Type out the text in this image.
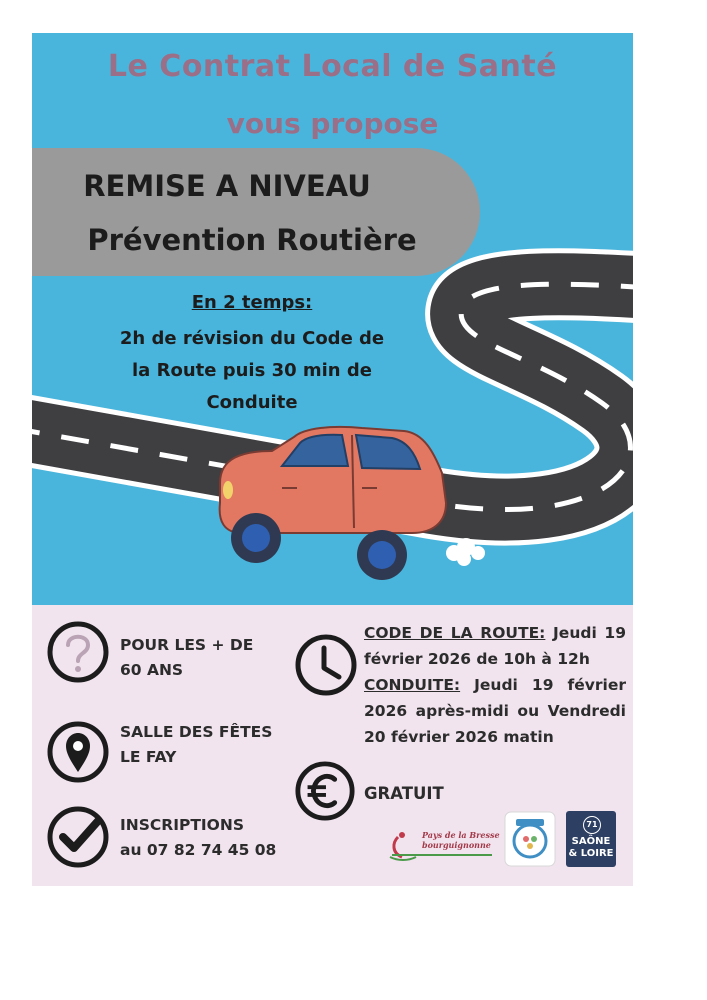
Le Contrat Local de Santé
vous propose
REMISE A NIVEAU
Prévention Routière
En 2 temps:
2h de révision du Code de
la Route puis 30 min de
Conduite
POUR LES + DE
60 ANS
SALLE DES FÊTES
LE FAY
INSCRIPTIONS
au 07 82 74 45 08
CODE DE LA ROUTE: Jeudi 19 février 2026 de 10h à 12h
CONDUITE: Jeudi 19 février 2026 après-midi ou Vendredi 20 février 2026 matin
GRATUIT
Pays de la Bresse
bourguignonne
71
SAÔNE
& LOIRE
